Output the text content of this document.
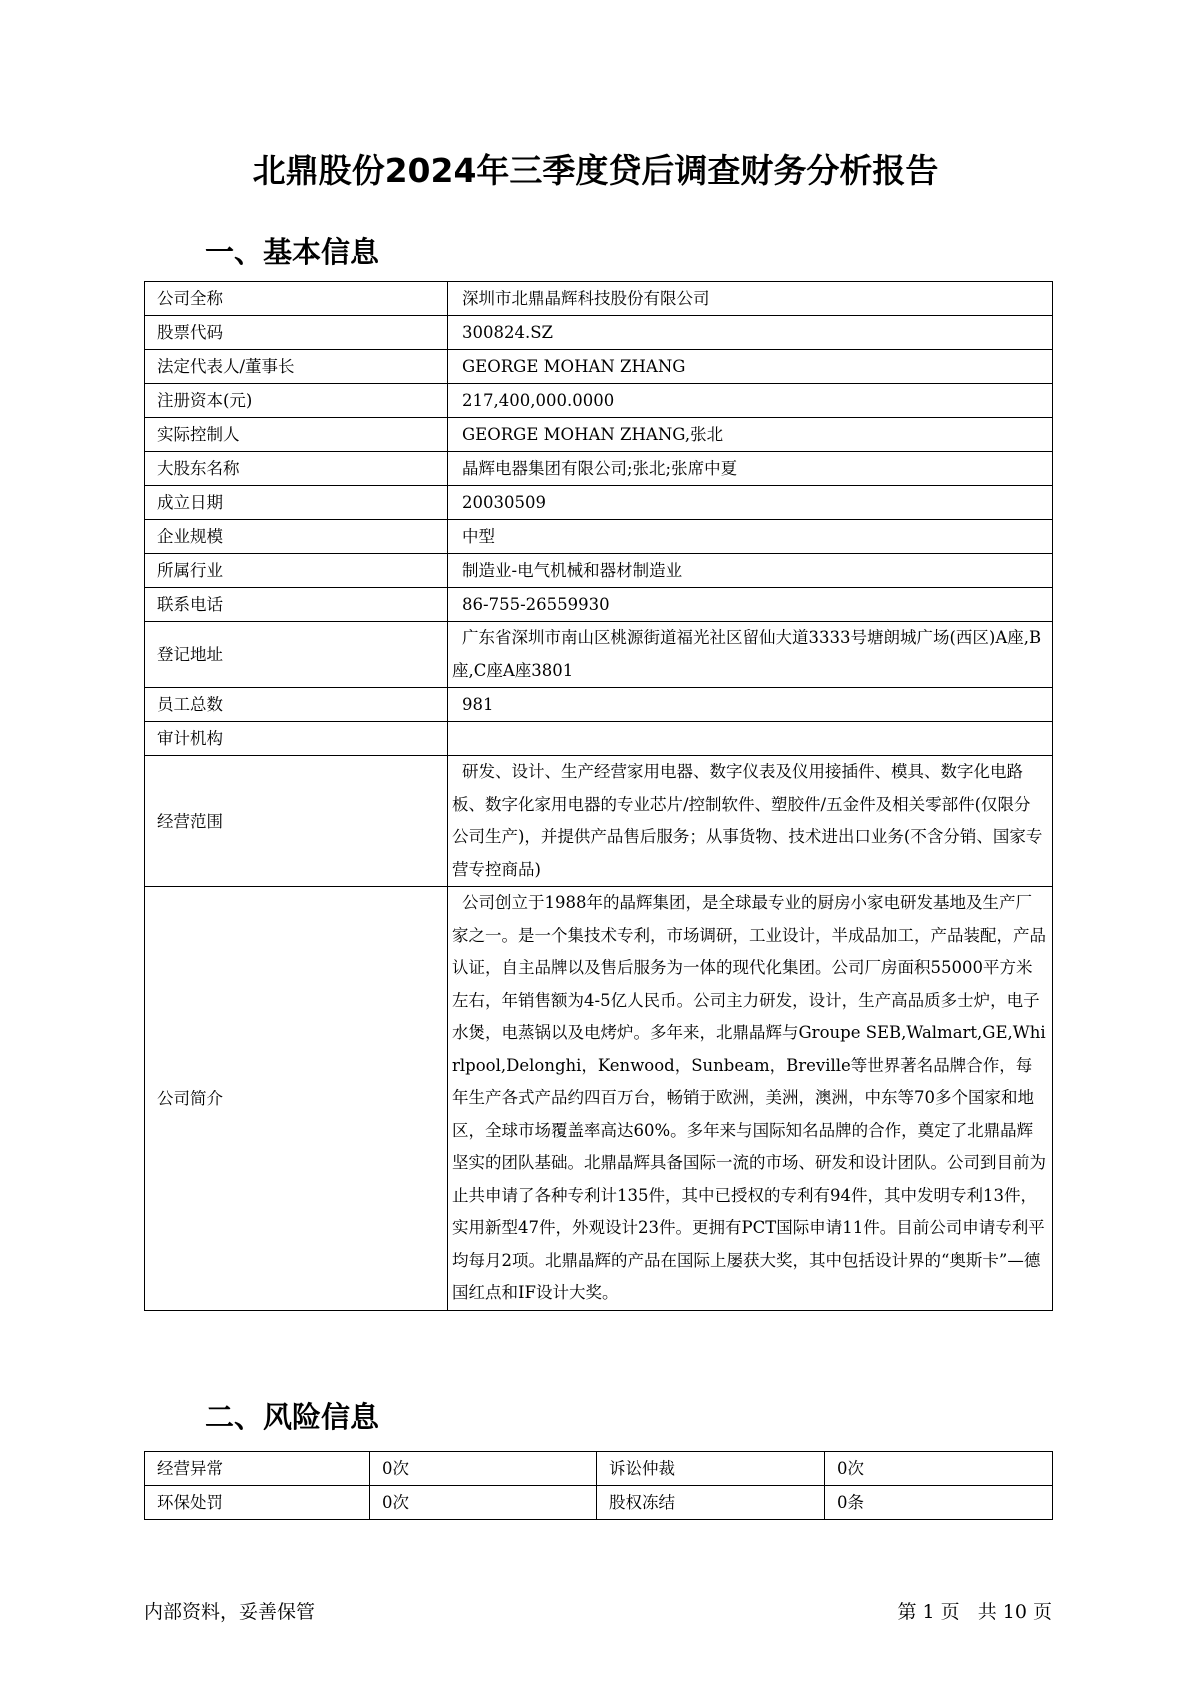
北鼎股份2024年三季度贷后调查财务分析报告
一、基本信息
公司全称	深圳市北鼎晶辉科技股份有限公司
股票代码	300824.SZ
法定代表人/董事长	GEORGE MOHAN ZHANG
注册资本(元)	217,400,000.0000
实际控制人	GEORGE MOHAN ZHANG,张北
大股东名称	晶辉电器集团有限公司;张北;张席中夏
成立日期	20030509
企业规模	中型
所属行业	制造业-电气机械和器材制造业
联系电话	86-755-26559930
登记地址	广东省深圳市南山区桃源街道福光社区留仙大道3333号塘朗城广场(西区)A座,B座,C座A座3801
员工总数	981
审计机构	
经营范围	研发、设计、生产经营家用电器、数字仪表及仪用接插件、模具、数字化电路板、数字化家用电器的专业芯片/控制软件、塑胶件/五金件及相关零部件(仅限分公司生产)，并提供产品售后服务；从事货物、技术进出口业务(不含分销、国家专营专控商品)
公司简介	公司创立于1988年的晶辉集团，是全球最专业的厨房小家电研发基地及生产厂家之一。是一个集技术专利，市场调研，工业设计，半成品加工，产品装配，产品认证，自主品牌以及售后服务为一体的现代化集团。公司厂房面积55000平方米左右，年销售额为4-5亿人民币。公司主力研发，设计，生产高品质多士炉，电子水煲，电蒸锅以及电烤炉。多年来，北鼎晶辉与Groupe SEB,Walmart,GE,Whirlpool,Delonghi，Kenwood，Sunbeam，Breville等世界著名品牌合作，每年生产各式产品约四百万台，畅销于欧洲，美洲，澳洲，中东等70多个国家和地区，全球市场覆盖率高达60%。多年来与国际知名品牌的合作，奠定了北鼎晶辉坚实的团队基础。北鼎晶辉具备国际一流的市场、研发和设计团队。公司到目前为止共申请了各种专利计135件，其中已授权的专利有94件，其中发明专利13件，实用新型47件，外观设计23件。更拥有PCT国际申请11件。目前公司申请专利平均每月2项。北鼎晶辉的产品在国际上屡获大奖，其中包括设计界的“奥斯卡”—德国红点和IF设计大奖。
二、风险信息
经营异常	0次	诉讼仲裁	0次
环保处罚	0次	股权冻结	0条
内部资料，妥善保管	第 1 页   共 10 页
